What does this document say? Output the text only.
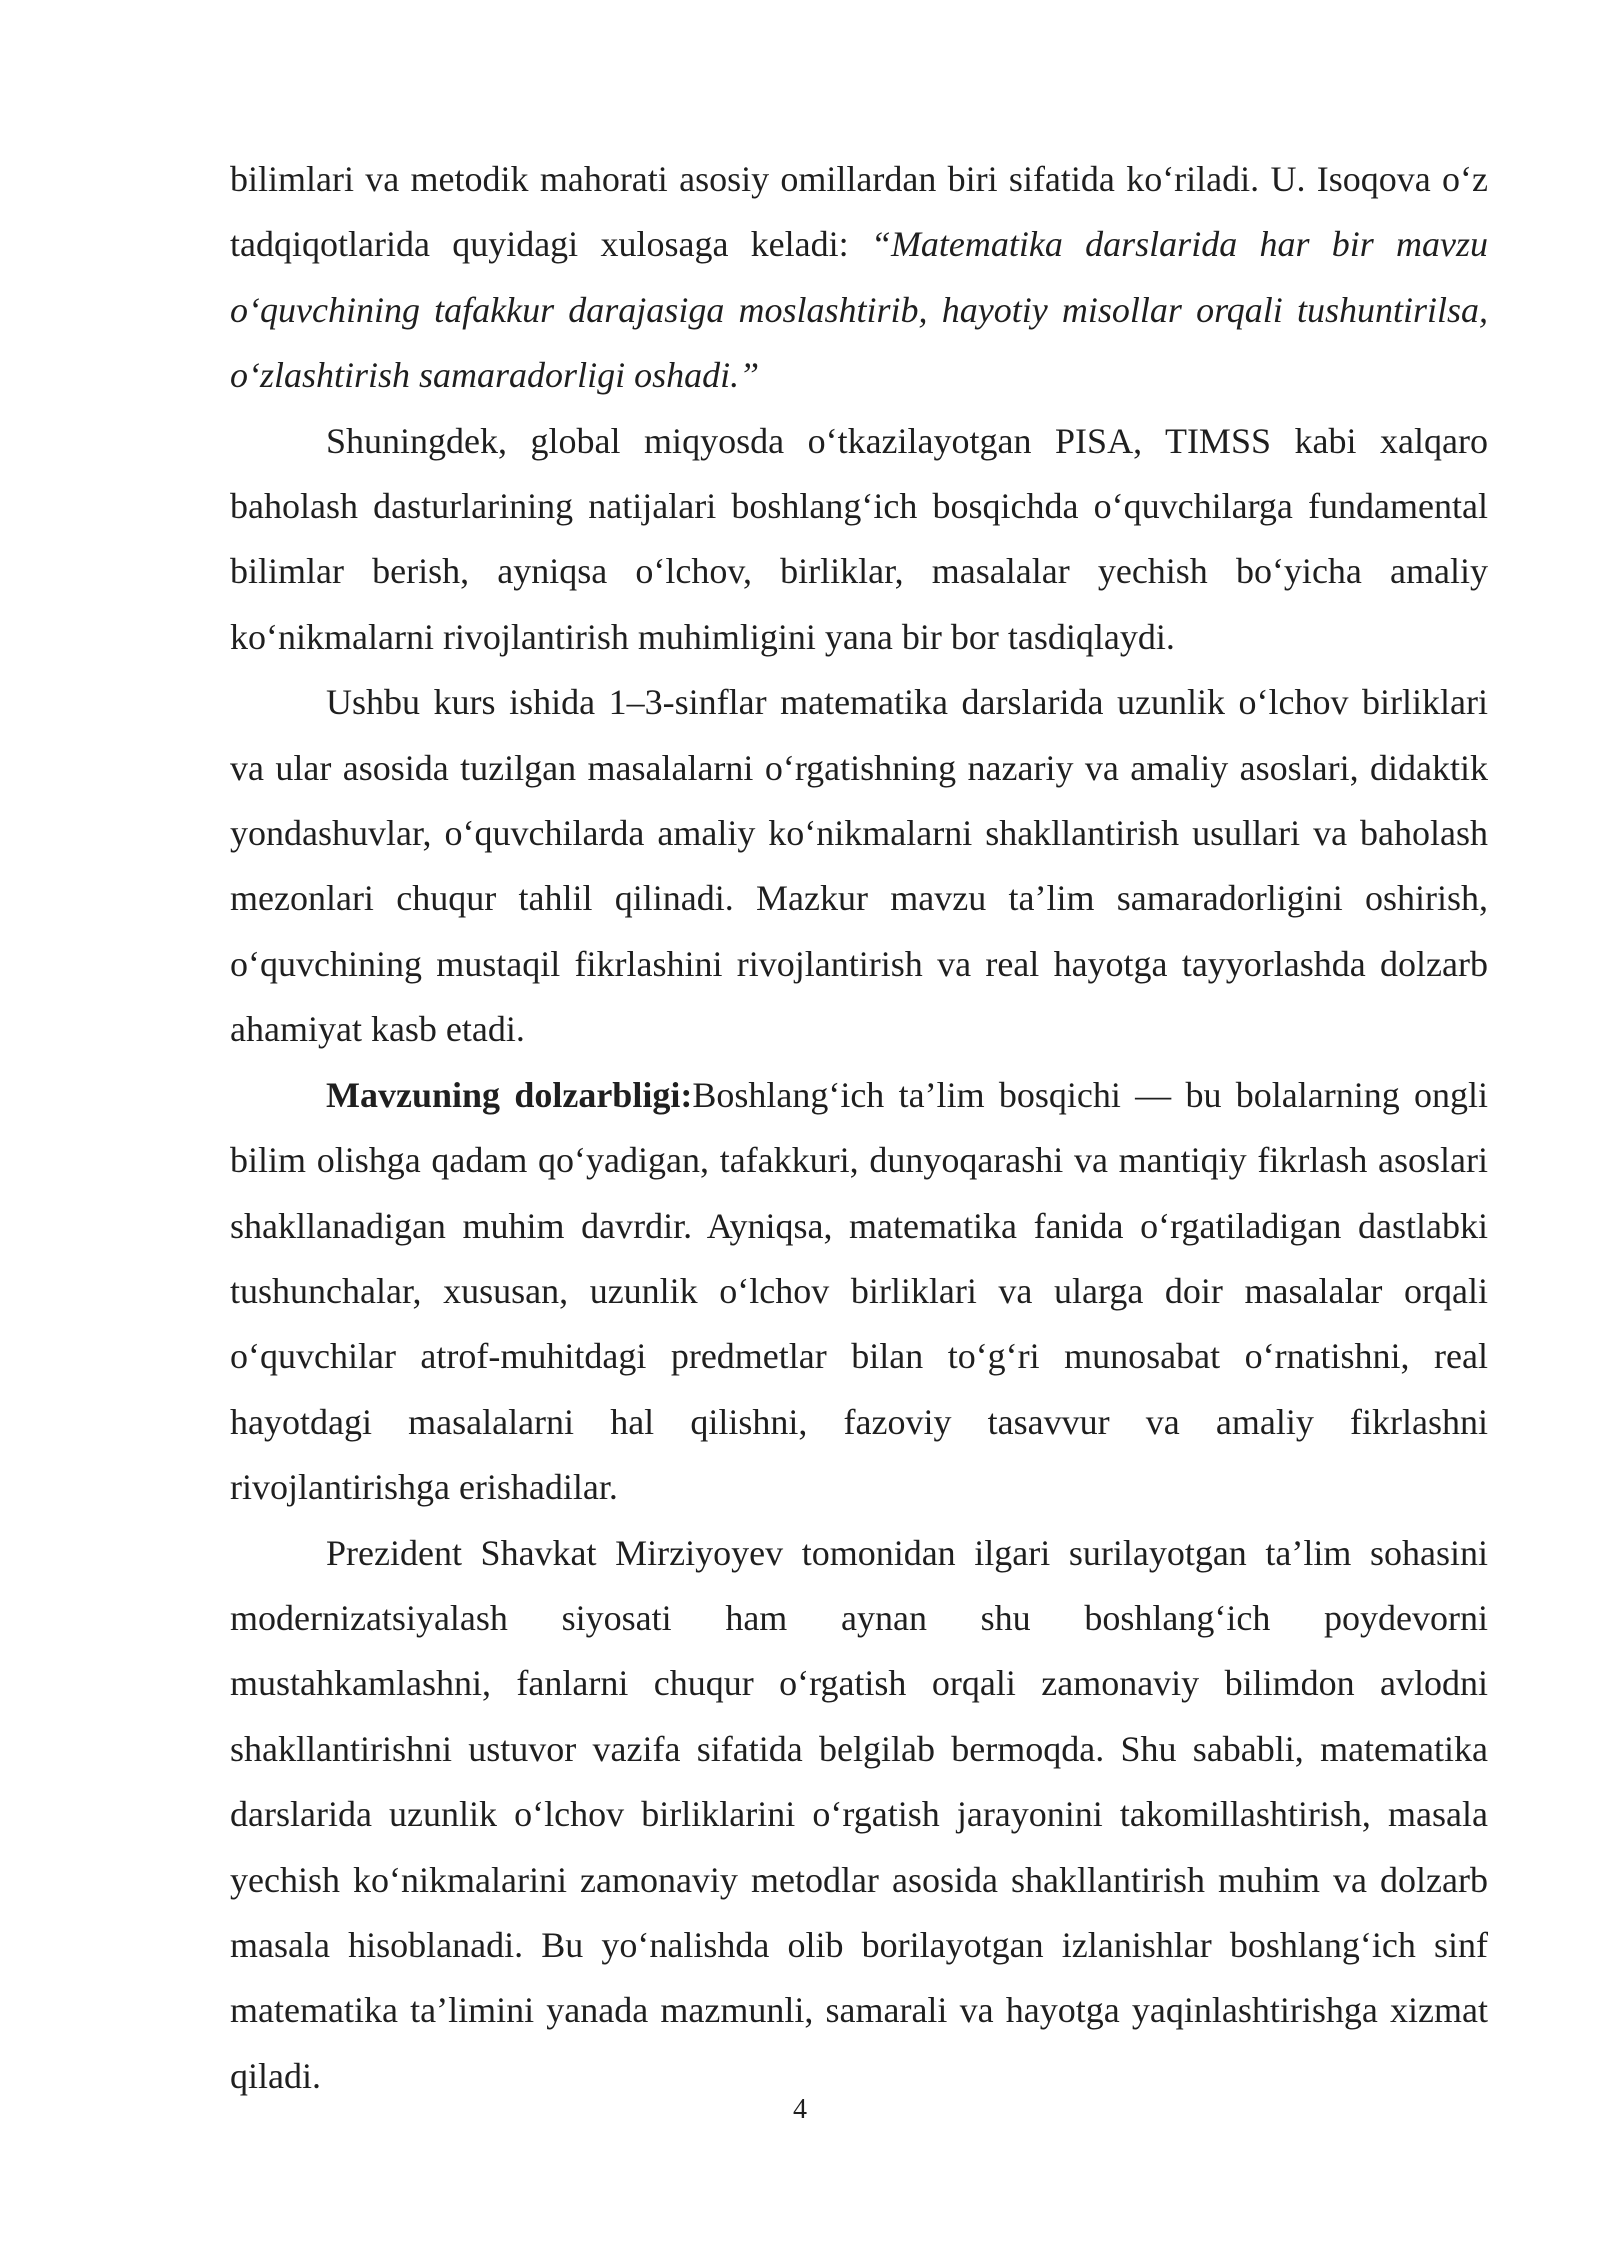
bilimlari va metodik mahorati asosiy omillardan biri sifatida ko‘riladi. U. Isoqova o‘z tadqiqotlarida quyidagi xulosaga keladi: “Matematika darslarida har bir mavzu o‘quvchining tafakkur darajasiga moslashtirib, hayotiy misollar orqali tushuntirilsa, o‘zlashtirish samaradorligi oshadi.”

Shuningdek, global miqyosda o‘tkazilayotgan PISA, TIMSS kabi xalqaro baholash dasturlarining natijalari boshlang‘ich bosqichda o‘quvchilarga fundamental bilimlar berish, ayniqsa o‘lchov, birliklar, masalalar yechish bo‘yicha amaliy ko‘nikmalarni rivojlantirish muhimligini yana bir bor tasdiqlaydi.

Ushbu kurs ishida 1–3-sinflar matematika darslarida uzunlik o‘lchov birliklari va ular asosida tuzilgan masalalarni o‘rgatishning nazariy va amaliy asoslari, didaktik yondashuvlar, o‘quvchilarda amaliy ko‘nikmalarni shakllantirish usullari va baholash mezonlari chuqur tahlil qilinadi. Mazkur mavzu ta’lim samaradorligini oshirish, o‘quvchining mustaqil fikrlashini rivojlantirish va real hayotga tayyorlashda dolzarb ahamiyat kasb etadi.

Mavzuning dolzarbligi:Boshlang‘ich ta’lim bosqichi — bu bolalarning ongli bilim olishga qadam qo‘yadigan, tafakkuri, dunyoqarashi va mantiqiy fikrlash asoslari shakllanadigan muhim davrdir. Ayniqsa, matematika fanida o‘rgatiladigan dastlabki tushunchalar, xususan, uzunlik o‘lchov birliklari va ularga doir masalalar orqali o‘quvchilar atrof-muhitdagi predmetlar bilan to‘g‘ri munosabat o‘rnatishni, real hayotdagi masalalarni hal qilishni, fazoviy tasavvur va amaliy fikrlashni rivojlantirishga erishadilar.

Prezident Shavkat Mirziyoyev tomonidan ilgari surilayotgan ta’lim sohasini modernizatsiyalash siyosati ham aynan shu boshlang‘ich poydevorni mustahkamlashni, fanlarni chuqur o‘rgatish orqali zamonaviy bilimdon avlodni shakllantirishni ustuvor vazifa sifatida belgilab bermoqda. Shu sababli, matematika darslarida uzunlik o‘lchov birliklarini o‘rgatish jarayonini takomillashtirish, masala yechish ko‘nikmalarini zamonaviy metodlar asosida shakllantirish muhim va dolzarb masala hisoblanadi. Bu yo‘nalishda olib borilayotgan izlanishlar boshlang‘ich sinf matematika ta’limini yanada mazmunli, samarali va hayotga yaqinlashtirishga xizmat qiladi.

4
